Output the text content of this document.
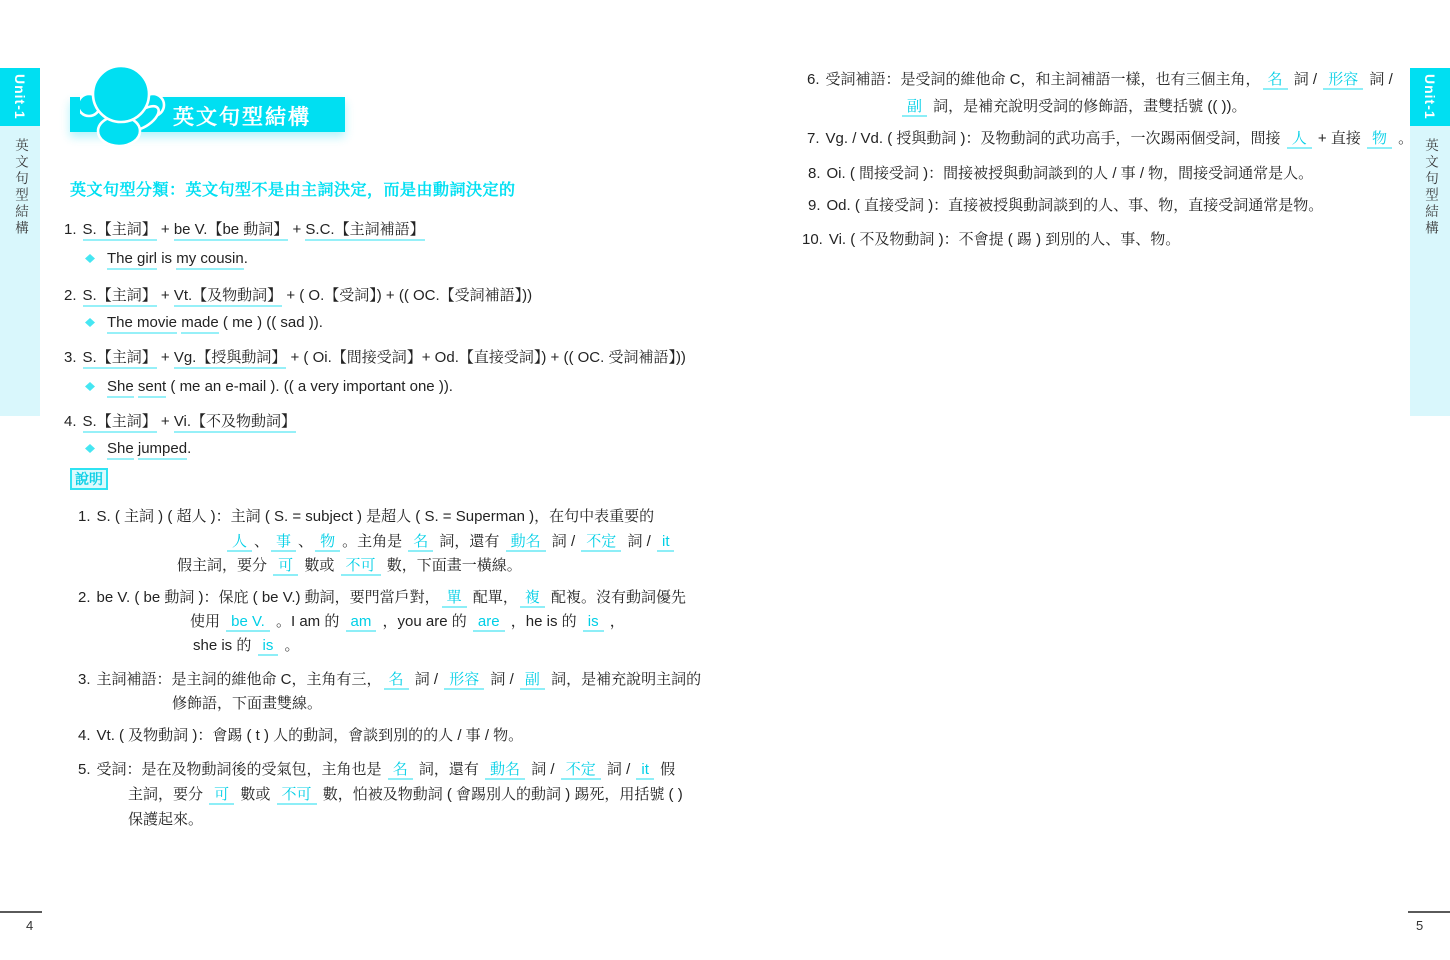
Unit-1
英文句型結構
Unit-1
英文句型結構
英文句型結構
英文句型分類：英文句型不是由主詞決定，而是由動詞決定的
1. S.【主詞】 + be V.【be 動詞】 + S.C.【主詞補語】
The girl is my cousin.
2. S.【主詞】 + Vt.【及物動詞】 + ( O.【受詞】) + (( OC.【受詞補語】))
The movie made ( me ) (( sad )).
3. S.【主詞】 + Vg.【授與動詞】 + ( Oi.【間接受詞】+ Od.【直接受詞】) + (( OC. 受詞補語】))
She sent ( me an e-mail ). (( a very important one )).
4. S.【主詞】 + Vi.【不及物動詞】
She jumped.
說明
1. S. ( 主詞 ) ( 超人 )：主詞 ( S. = subject ) 是超人 ( S. = Superman )，在句中表重要的
人 、 事 、 物 。主角是 名 詞，還有 動名 詞 / 不定 詞 / it
假主詞，要分 可 數或 不可 數，下面畫一橫線。
2. be V. ( be 動詞 )：保庇 ( be V.) 動詞，要門當戶對， 單 配單， 複 配複。沒有動詞優先
使用 be V. 。I am 的 am ，you are 的 are ，he is 的 is ，
she is 的 is 。
3. 主詞補語：是主詞的維他命 C，主角有三， 名 詞 / 形容 詞 / 副 詞，是補充說明主詞的
修飾語，下面畫雙線。
4. Vt. ( 及物動詞 )：會踢 ( t ) 人的動詞，會談到別的的人 / 事 / 物。
5. 受詞：是在及物動詞後的受氣包，主角也是 名 詞，還有 動名 詞 / 不定 詞 / it 假
主詞，要分 可 數或 不可 數，怕被及物動詞 ( 會踢別人的動詞 ) 踢死，用括號 ( )
保護起來。
6. 受詞補語：是受詞的維他命 C，和主詞補語一樣，也有三個主角， 名 詞 / 形容 詞 /
副 詞，是補充說明受詞的修飾語，畫雙括號 (( ))。
7. Vg. / Vd. ( 授與動詞 )：及物動詞的武功高手，一次踢兩個受詞，間接 人 + 直接 物 。
8. Oi. ( 間接受詞 )：間接被授與動詞談到的人 / 事 / 物，間接受詞通常是人。
9. Od. ( 直接受詞 )：直接被授與動詞談到的人、事、物，直接受詞通常是物。
10. Vi. ( 不及物動詞 )：不會提 ( 踢 ) 到別的人、事、物。
4	5
